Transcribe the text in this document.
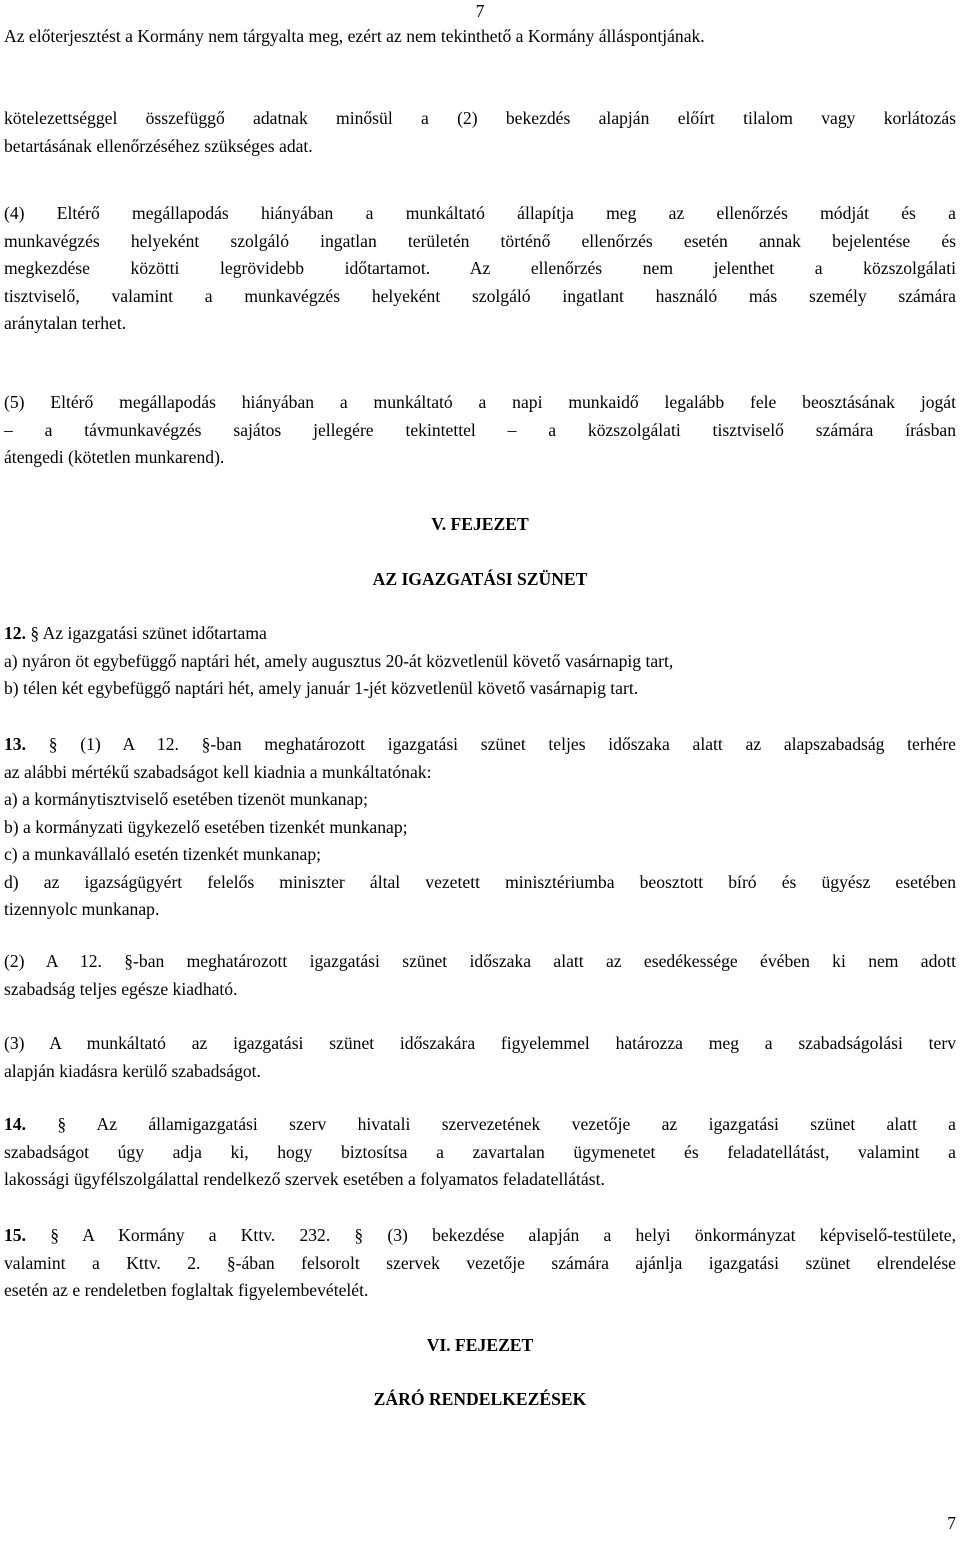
7
Az előterjesztést a Kormány nem tárgyalta meg, ezért az nem tekinthető a Kormány álláspontjának.

kötelezettséggel összefüggő adatnak minősül a (2) bekezdés alapján előírt tilalom vagy korlátozás

betartásának ellenőrzéséhez szükséges adat.

(4) Eltérő megállapodás hiányában a munkáltató állapítja meg az ellenőrzés módját és a

munkavégzés helyeként szolgáló ingatlan területén történő ellenőrzés esetén annak bejelentése és

megkezdése közötti legrövidebb időtartamot. Az ellenőrzés nem jelenthet a közszolgálati

tisztviselő, valamint a munkavégzés helyeként szolgáló ingatlant használó más személy számára

aránytalan terhet.

(5) Eltérő megállapodás hiányában a munkáltató a napi munkaidő legalább fele beosztásának jogát

– a távmunkavégzés sajátos jellegére tekintettel – a közszolgálati tisztviselő számára írásban

átengedi (kötetlen munkarend).

V. FEJEZET
AZ IGAZGATÁSI SZÜNET

12. § Az igazgatási szünet időtartama

a) nyáron öt egybefüggő naptári hét, amely augusztus 20-át közvetlenül követő vasárnapig tart,

b) télen két egybefüggő naptári hét, amely január 1-jét közvetlenül követő vasárnapig tart.

13. § (1) A 12. §-ban meghatározott igazgatási szünet teljes időszaka alatt az alapszabadság terhére

az alábbi mértékű szabadságot kell kiadnia a munkáltatónak:

a) a kormánytisztviselő esetében tizenöt munkanap;

b) a kormányzati ügykezelő esetében tizenkét munkanap;

c) a munkavállaló esetén tizenkét munkanap;

d) az igazságügyért felelős miniszter által vezetett minisztériumba beosztott bíró és ügyész esetében

tizennyolc munkanap.

(2) A 12. §-ban meghatározott igazgatási szünet időszaka alatt az esedékessége évében ki nem adott

szabadság teljes egésze kiadható.

(3) A munkáltató az igazgatási szünet időszakára figyelemmel határozza meg a szabadságolási terv

alapján kiadásra kerülő szabadságot.

14. § Az államigazgatási szerv hivatali szervezetének vezetője az igazgatási szünet alatt a

szabadságot úgy adja ki, hogy biztosítsa a zavartalan ügymenetet és feladatellátást, valamint a

lakossági ügyfélszolgálattal rendelkező szervek esetében a folyamatos feladatellátást.

15. § A Kormány a Kttv. 232. § (3) bekezdése alapján a helyi önkormányzat képviselő-testülete,

valamint a Kttv. 2. §-ában felsorolt szervek vezetője számára ajánlja igazgatási szünet elrendelése

esetén az e rendeletben foglaltak figyelembevételét.

VI. FEJEZET
ZÁRÓ RENDELKEZÉSEK
7
